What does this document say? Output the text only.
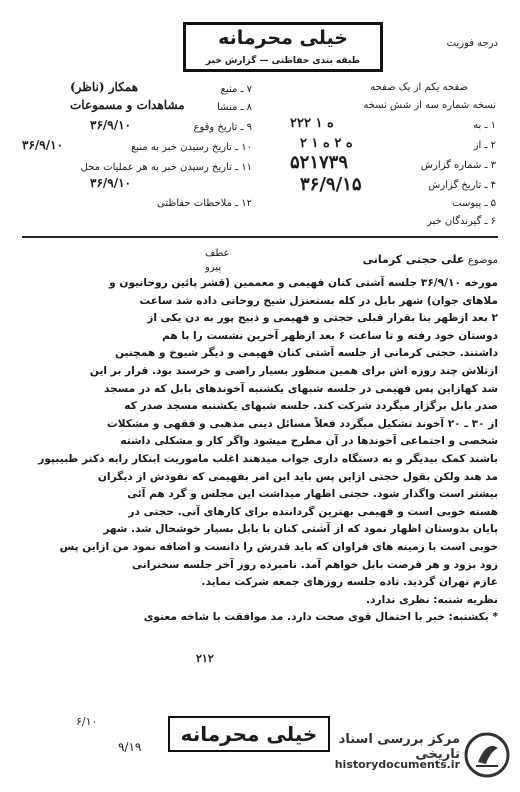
خیلی محرمانه
طبقه بندی حفاظتی — گزارش خبر
درجه فوریت
صفحه یکم از یک صفحه
نسخه شماره سه از شش نسخه
۱ ـ به
۲۲۲ ه ۱
۲ ـ از
۲ ه ۲ ه ۱
۳ ـ شماره گزارش
۵۲۱۷۳۹
۴ ـ تاریخ گزارش
۳۶/۹/۱۵
۵ ـ پیوست
۶ ـ گیرندگان خبر
۷ ـ منبع
همکار (ناظر)
۸ ـ منشا
مشاهدات و مسموعات
۹ ـ تاریخ وقوع
۳۶/۹/۱۰
۱۰ ـ تاریخ رسیدن خبر به منبع
۳۶/۹/۱۰
۱۱ ـ تاریخ رسیدن خبر به هر عملیات محل
۳۶/۹/۱۰
۱۲ ـ ملاحظات حفاظتی
عطف
پیرو
موضوع علی حجتی کرمانی
مورخه ۳۶/۹/۱۰ جلسه آشتی کنان فهیمی و معممین (قشر پائین روحانیون و
ملاهای جوان) شهر بابل در کله بستعنزل شیخ روحانی داده شد ساعت
۲ بعد ازظهر بنا بقرار قبلی حجتی و فهیمی و ذبیح پور به دن یکی از
دوستان خود رفته و تا ساعت ۶ بعد ازظهر آخرین نشست را با هم
داشتند. حجتی کرمانی از جلسه آشتی کنان فهیمی و دیگر شیوخ و همچنین
ازتلاش چند روزه اش برای همین منظور بسیار راضی و خرسند بود. قرار بر این
شد کهازاین پس فهیمی در جلسه شبهای یکشنبه آخوندهای بابل که در مسجد
صدر بابل برگزار میگردد شرکت کند. جلسه شبهای یکشنبه مسجد صدر که
از ۳۰ ـ ۲۰ آخوند تشکیل میگردد فعلاً مسائل دینی مذهبی و فقهی و مشکلات
شخصی و اجتماعی آخوندها در آن مطرح میشود واگر کار و مشکلی داشته
باشند کمک بیدیگر و به دستگاه داری جواب میدهند اغلب ماموریت ابتکار رابه دکتر طبیبپور
مد هند ولکن بقول حجتی ازاین پس باید این امر بفهیمی که نفوذش از دیگران
بیشتر است واگذار شود. حجتی اظهار میداشت این مجلس و گرد هم آئی
هسته خوبی است و فهیمی بهترین گرداننده برای کارهای آتی. حجتی در
پایان بدوستان اظهار نمود که از آشتی کنان با بابل بسیار خوشحال شد. شهر
خوبی است با زمینه های فراوان که باید قدرش را دانست و اضافه نمود من ازاین پس
زود بزود و هر فرصت بابل خواهم آمد. نامبرده روز آخر جلسه سخنرانی
عازم تهران گردید. تاده جلسه روزهای جمعه شرکت نماید.
نظریه شنبه: نظری ندارد.
* یکشنبه: خبر با احتمال قوی صحت دارد. مد موافقت با شاخه معنوی
۲۱۲
۶/۱۰
۹/۱۹
خیلی محرمانه	مرکز بررسی اسناد تاریخی
historydocuments.ir
